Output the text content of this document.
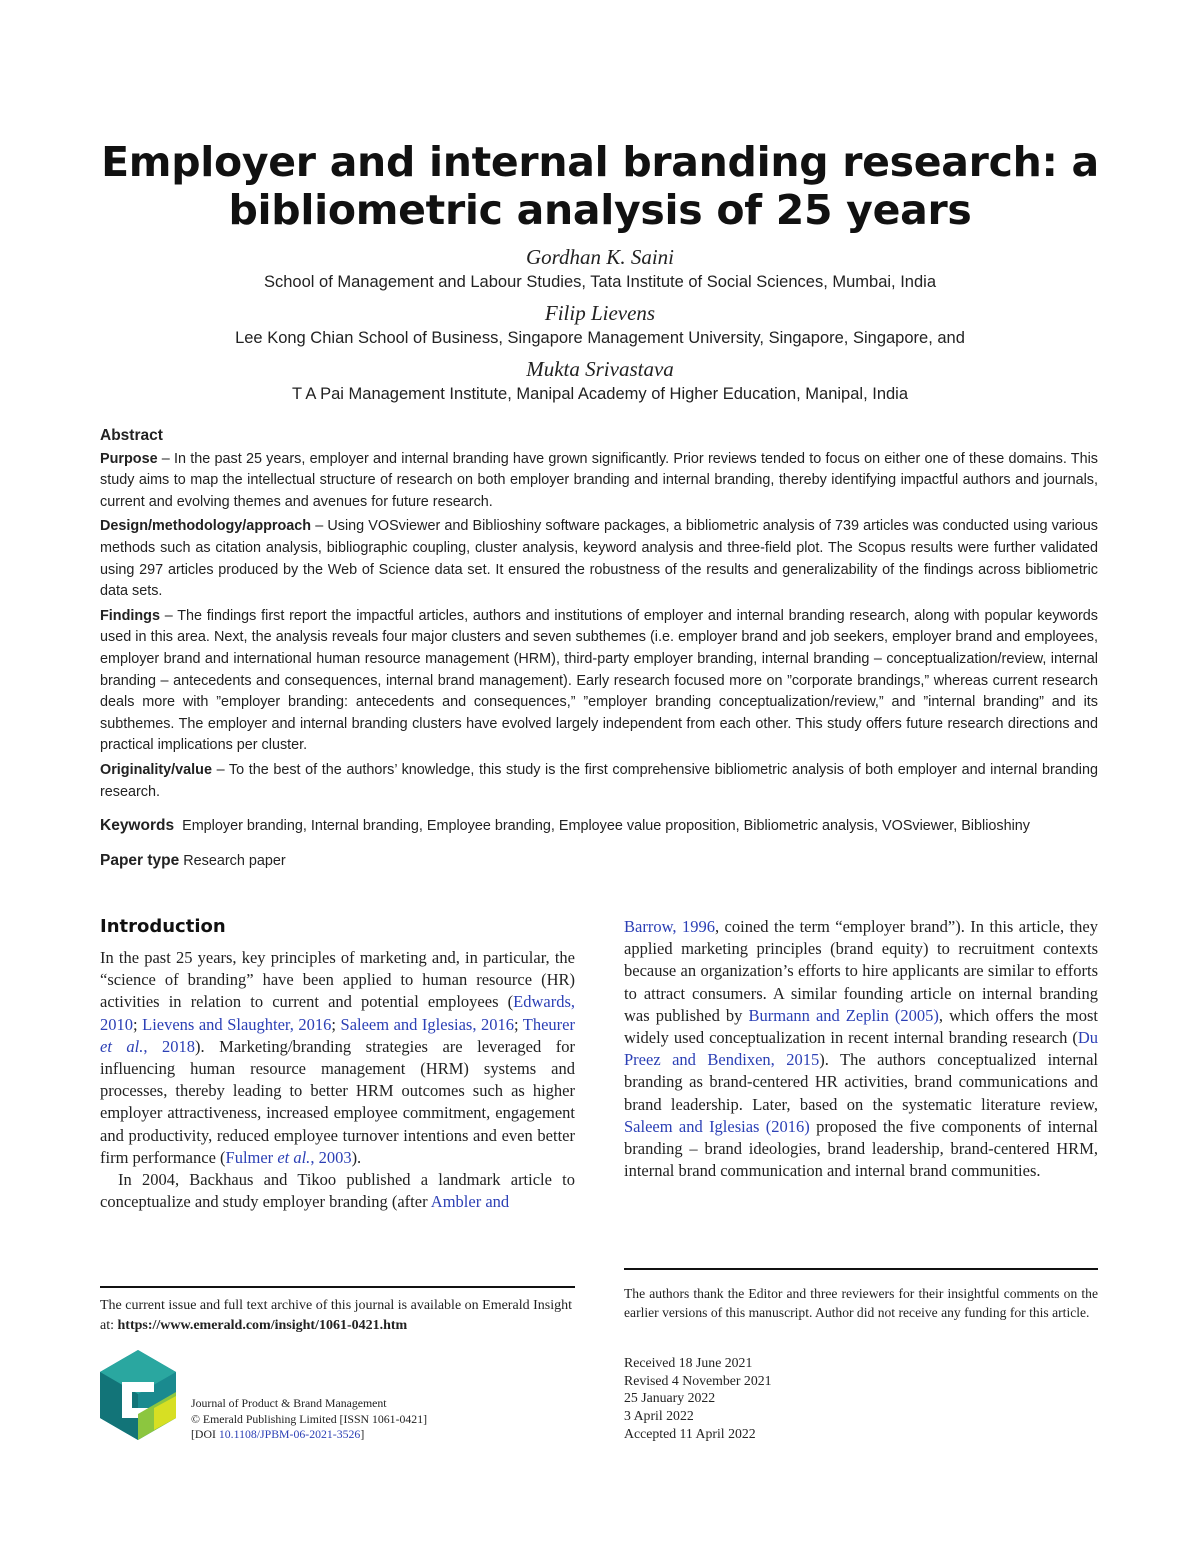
Employer and internal branding research: a bibliometric analysis of 25 years
Gordhan K. Saini
School of Management and Labour Studies, Tata Institute of Social Sciences, Mumbai, India
Filip Lievens
Lee Kong Chian School of Business, Singapore Management University, Singapore, Singapore, and
Mukta Srivastava
T A Pai Management Institute, Manipal Academy of Higher Education, Manipal, India
Abstract

Purpose – In the past 25 years, employer and internal branding have grown significantly. Prior reviews tended to focus on either one of these domains. This study aims to map the intellectual structure of research on both employer branding and internal branding, thereby identifying impactful authors and journals, current and evolving themes and avenues for future research.

Design/methodology/approach – Using VOSviewer and Biblioshiny software packages, a bibliometric analysis of 739 articles was conducted using various methods such as citation analysis, bibliographic coupling, cluster analysis, keyword analysis and three-field plot. The Scopus results were further validated using 297 articles produced by the Web of Science data set. It ensured the robustness of the results and generalizability of the findings across bibliometric data sets.

Findings – The findings first report the impactful articles, authors and institutions of employer and internal branding research, along with popular keywords used in this area. Next, the analysis reveals four major clusters and seven subthemes (i.e. employer brand and job seekers, employer brand and employees, employer brand and international human resource management (HRM), third-party employer branding, internal branding – conceptualization/review, internal branding – antecedents and consequences, internal brand management). Early research focused more on ”corporate brandings,” whereas current research deals more with ”employer branding: antecedents and consequences,” ”employer branding conceptualization/review,” and ”internal branding” and its subthemes. The employer and internal branding clusters have evolved largely independent from each other. This study offers future research directions and practical implications per cluster.

Originality/value – To the best of the authors’ knowledge, this study is the first comprehensive bibliometric analysis of both employer and internal branding research.

Keywords Employer branding, Internal branding, Employee branding, Employee value proposition, Bibliometric analysis, VOSviewer, Biblioshiny

Paper type Research paper

Introduction

In the past 25 years, key principles of marketing and, in particular, the “science of branding” have been applied to human resource (HR) activities in relation to current and potential employees (Edwards, 2010; Lievens and Slaughter, 2016; Saleem and Iglesias, 2016; Theurer et al., 2018). Marketing/branding strategies are leveraged for influencing human resource management (HRM) systems and processes, thereby leading to better HRM outcomes such as higher employer attractiveness, increased employee commitment, engagement and productivity, reduced employee turnover intentions and even better firm performance (Fulmer et al., 2003).

In 2004, Backhaus and Tikoo published a landmark article to conceptualize and study employer branding (after Ambler and

Barrow, 1996, coined the term “employer brand”). In this article, they applied marketing principles (brand equity) to recruitment contexts because an organization’s efforts to hire applicants are similar to efforts to attract consumers. A similar founding article on internal branding was published by Burmann and Zeplin (2005), which offers the most widely used conceptualization in recent internal branding research (Du Preez and Bendixen, 2015). The authors conceptualized internal branding as brand-centered HR activities, brand communications and brand leadership. Later, based on the systematic literature review, Saleem and Iglesias (2016) proposed the five components of internal branding – brand ideologies, brand leadership, brand-centered HRM, internal brand communication and internal brand communities.

The current issue and full text archive of this journal is available on Emerald Insight at: https://www.emerald.com/insight/1061-0421.htm
Journal of Product & Brand Management
© Emerald Publishing Limited [ISSN 1061-0421]
[DOI 10.1108/JPBM-06-2021-3526]
The authors thank the Editor and three reviewers for their insightful comments on the earlier versions of this manuscript. Author did not receive any funding for this article.
Received 18 June 2021
Revised 4 November 2021
25 January 2022
3 April 2022
Accepted 11 April 2022
